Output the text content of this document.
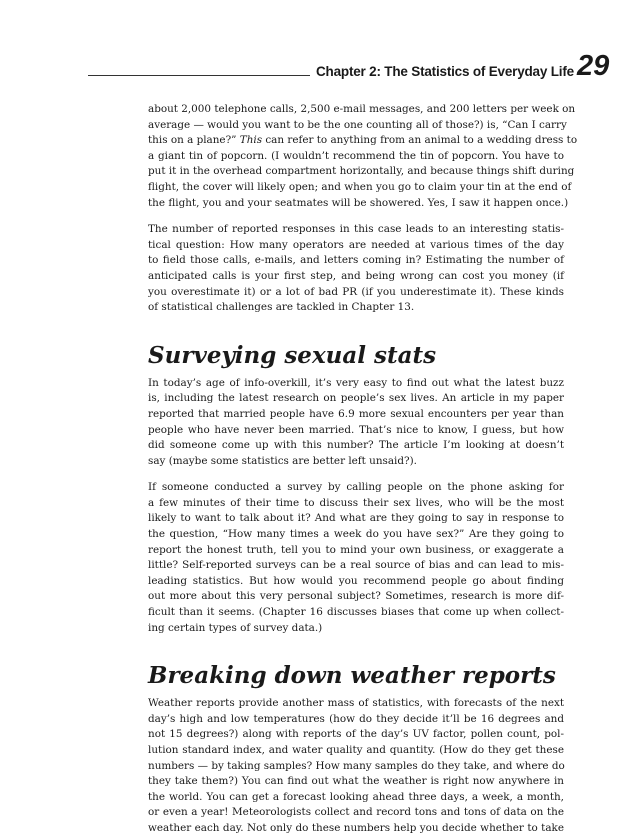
Chapter 2: The Statistics of Everyday Life 29

about 2,000 telephone calls, 2,500 e-mail messages, and 200 letters per week on
average — would you want to be the one counting all of those?) is, “Can I carry
this on a plane?” This can refer to anything from an animal to a wedding dress to
a giant tin of popcorn. (I wouldn’t recommend the tin of popcorn. You have to
put it in the overhead compartment horizontally, and because things shift during
flight, the cover will likely open; and when you go to claim your tin at the end of
the flight, you and your seatmates will be showered. Yes, I saw it happen once.)

The number of reported responses in this case leads to an interesting statis-
tical question: How many operators are needed at various times of the day
to field those calls, e-mails, and letters coming in? Estimating the number of
anticipated calls is your first step, and being wrong can cost you money (if
you overestimate it) or a lot of bad PR (if you underestimate it). These kinds
of statistical challenges are tackled in Chapter 13.

Surveying sexual stats

In today’s age of info-overkill, it’s very easy to find out what the latest buzz
is, including the latest research on people’s sex lives. An article in my paper
reported that married people have 6.9 more sexual encounters per year than
people who have never been married. That’s nice to know, I guess, but how
did someone come up with this number? The article I’m looking at doesn’t
say (maybe some statistics are better left unsaid?).

If someone conducted a survey by calling people on the phone asking for
a few minutes of their time to discuss their sex lives, who will be the most
likely to want to talk about it? And what are they going to say in response to
the question, “How many times a week do you have sex?” Are they going to
report the honest truth, tell you to mind your own business, or exaggerate a
little? Self-reported surveys can be a real source of bias and can lead to mis-
leading statistics. But how would you recommend people go about finding
out more about this very personal subject? Sometimes, research is more dif-
ficult than it seems. (Chapter 16 discusses biases that come up when collect-
ing certain types of survey data.)

Breaking down weather reports

Weather reports provide another mass of statistics, with forecasts of the next
day’s high and low temperatures (how do they decide it’ll be 16 degrees and
not 15 degrees?) along with reports of the day’s UV factor, pollen count, pol-
lution standard index, and water quality and quantity. (How do they get these
numbers — by taking samples? How many samples do they take, and where do
they take them?) You can find out what the weather is right now anywhere in
the world. You can get a forecast looking ahead three days, a week, a month,
or even a year! Meteorologists collect and record tons and tons of data on the
weather each day. Not only do these numbers help you decide whether to take
